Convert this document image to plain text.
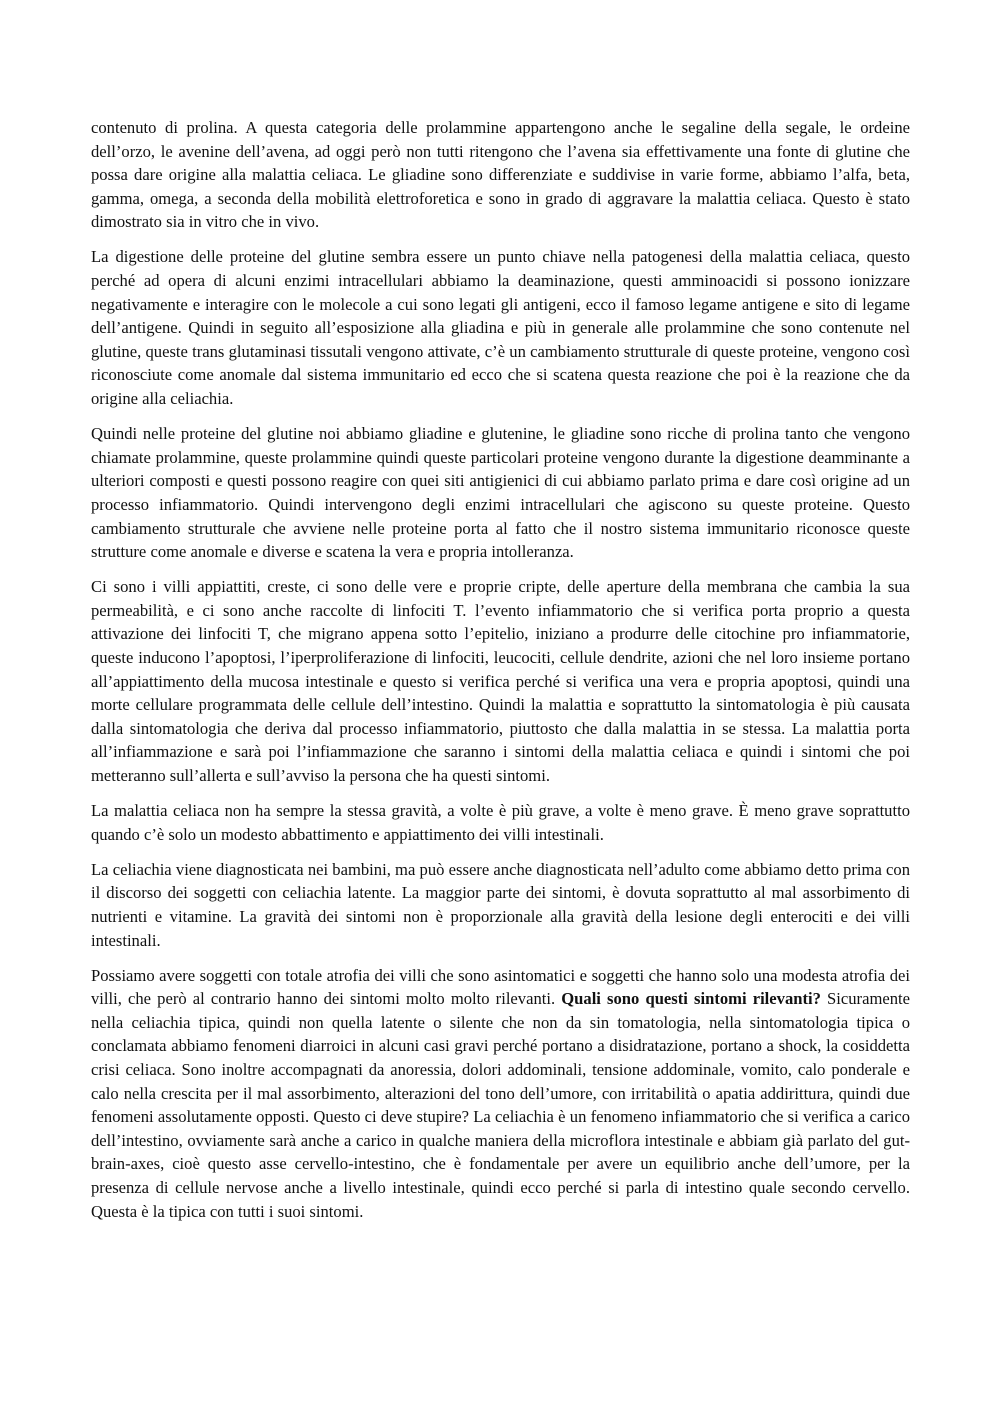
contenuto di prolina. A questa categoria delle prolammine appartengono anche le segaline della segale, le ordeine dell’orzo, le avenine dell’avena, ad oggi però non tutti ritengono che l’avena sia effettivamente una fonte di glutine che possa dare origine alla malattia celiaca. Le gliadine sono differenziate e suddivise in varie forme, abbiamo l’alfa, beta, gamma, omega, a seconda della mobilità elettroforetica e sono in grado di aggravare la malattia celiaca. Questo è stato dimostrato sia in vitro che in vivo.

La digestione delle proteine del glutine sembra essere un punto chiave nella patogenesi della malattia celiaca, questo perché ad opera di alcuni enzimi intracellulari abbiamo la deaminazione, questi amminoacidi si possono ionizzare negativamente e interagire con le molecole a cui sono legati gli antigeni, ecco il famoso legame antigene e sito di legame dell’antigene. Quindi in seguito all’esposizione alla gliadina e più in generale alle prolammine che sono contenute nel glutine, queste trans glutaminasi tissutali vengono attivate, c’è un cambiamento strutturale di queste proteine, vengono così riconosciute come anomale dal sistema immunitario ed ecco che si scatena questa reazione che poi è la reazione che da origine alla celiachia.

Quindi nelle proteine del glutine noi abbiamo gliadine e glutenine, le gliadine sono ricche di prolina tanto che vengono chiamate prolammine, queste prolammine quindi queste particolari proteine vengono durante la digestione deamminante a ulteriori composti e questi possono reagire con quei siti antigienici di cui abbiamo parlato prima e dare così origine ad un processo infiammatorio. Quindi intervengono degli enzimi intracellulari che agiscono su queste proteine. Questo cambiamento strutturale che avviene nelle proteine porta al fatto che il nostro sistema immunitario riconosce queste strutture come anomale e diverse e scatena la vera e propria intolleranza.

Ci sono i villi appiattiti, creste, ci sono delle vere e proprie cripte, delle aperture della membrana che cambia la sua permeabilità, e ci sono anche raccolte di linfociti T. l’evento infiammatorio che si verifica porta proprio a questa attivazione dei linfociti T, che migrano appena sotto l’epitelio, iniziano a produrre delle citochine pro infiammatorie, queste inducono l’apoptosi, l’iperproliferazione di linfociti, leucociti, cellule dendrite, azioni che nel loro insieme portano all’appiattimento della mucosa intestinale e questo si verifica perché si verifica una vera e propria apoptosi, quindi una morte cellulare programmata delle cellule dell’intestino. Quindi la malattia e soprattutto la sintomatologia è più causata dalla sintomatologia che deriva dal processo infiammatorio, piuttosto che dalla malattia in se stessa. La malattia porta all’infiammazione e sarà poi l’infiammazione che saranno i sintomi della malattia celiaca e quindi i sintomi che poi metteranno sull’allerta e sull’avviso la persona che ha questi sintomi.

La malattia celiaca non ha sempre la stessa gravità, a volte è più grave, a volte è meno grave. È meno grave soprattutto quando c’è solo un modesto abbattimento e appiattimento dei villi intestinali.

La celiachia viene diagnosticata nei bambini, ma può essere anche diagnosticata nell’adulto come abbiamo detto prima con il discorso dei soggetti con celiachia latente. La maggior parte dei sintomi, è dovuta soprattutto al mal assorbimento di nutrienti e vitamine. La gravità dei sintomi non è proporzionale alla gravità della lesione degli enterociti e dei villi intestinali.

Possiamo avere soggetti con totale atrofia dei villi che sono asintomatici e soggetti che hanno solo una modesta atrofia dei villi, che però al contrario hanno dei sintomi molto molto rilevanti. Quali sono questi sintomi rilevanti? Sicuramente nella celiachia tipica, quindi non quella latente o silente che non da sin tomatologia, nella sintomatologia tipica o conclamata abbiamo fenomeni diarroici in alcuni casi gravi perché portano a disidratazione, portano a shock, la cosiddetta crisi celiaca. Sono inoltre accompagnati da anoressia, dolori addominali, tensione addominale, vomito, calo ponderale e calo nella crescita per il mal assorbimento, alterazioni del tono dell’umore, con irritabilità o apatia addirittura, quindi due fenomeni assolutamente opposti. Questo ci deve stupire? La celiachia è un fenomeno infiammatorio che si verifica a carico dell’intestino, ovviamente sarà anche a carico in qualche maniera della microflora intestinale e abbiam già parlato del gut-brain-axes, cioè questo asse cervello-intestino, che è fondamentale per avere un equilibrio anche dell’umore, per la presenza di cellule nervose anche a livello intestinale, quindi ecco perché si parla di intestino quale secondo cervello. Questa è la tipica con tutti i suoi sintomi.
